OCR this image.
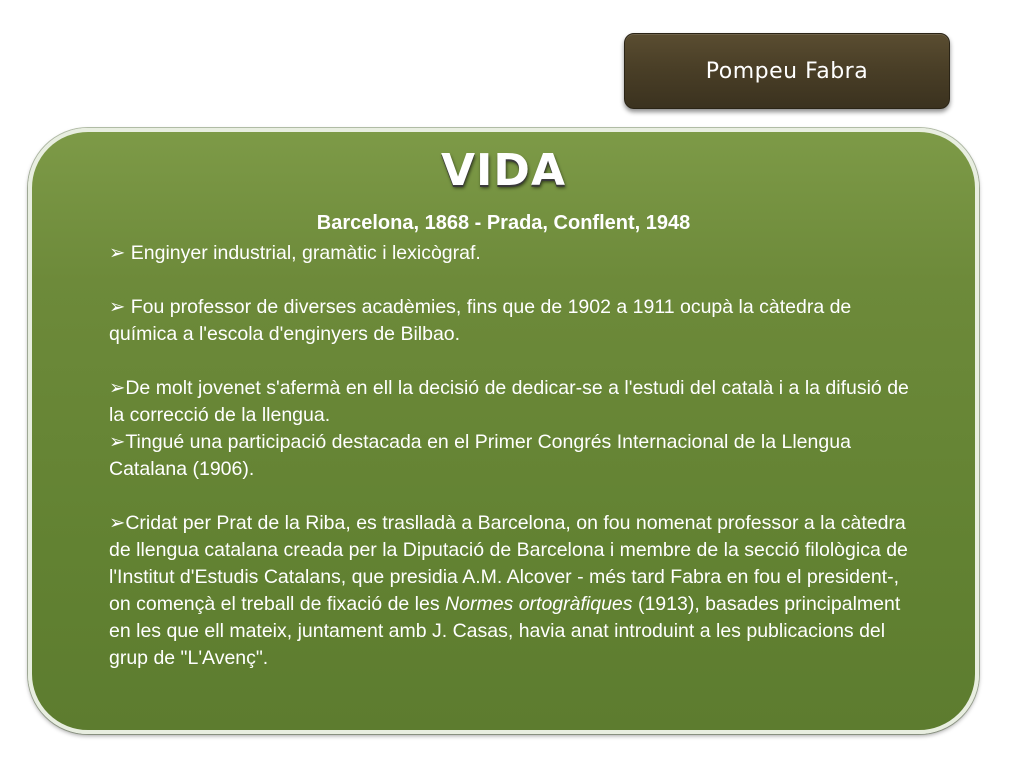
Pompeu Fabra
VIDA

Barcelona, 1868 - Prada, Conflent, 1948

➢ Enginyer industrial, gramàtic i lexicògraf.

➢ Fou professor de diverses acadèmies, fins que de 1902 a 1911 ocupà la càtedra de química a l'escola d'enginyers de Bilbao.

➢De molt jovenet s'afermà en ell la decisió de dedicar-se a l'estudi del català i a la difusió de la correcció de la llengua.

➢Tingué una participació destacada en el Primer Congrés Internacional de la Llengua Catalana (1906).

➢Cridat per Prat de la Riba, es traslladà a Barcelona, on fou nomenat professor a la càtedra de llengua catalana creada per la Diputació de Barcelona i membre de la secció filològica de l'Institut d'Estudis Catalans, que presidia A.M. Alcover - més tard Fabra en fou el president-, on començà el treball de fixació de les Normes ortogràfiques (1913), basades principalment en les que ell mateix, juntament amb J. Casas, havia anat introduint a les publicacions del grup de "L'Avenç".
